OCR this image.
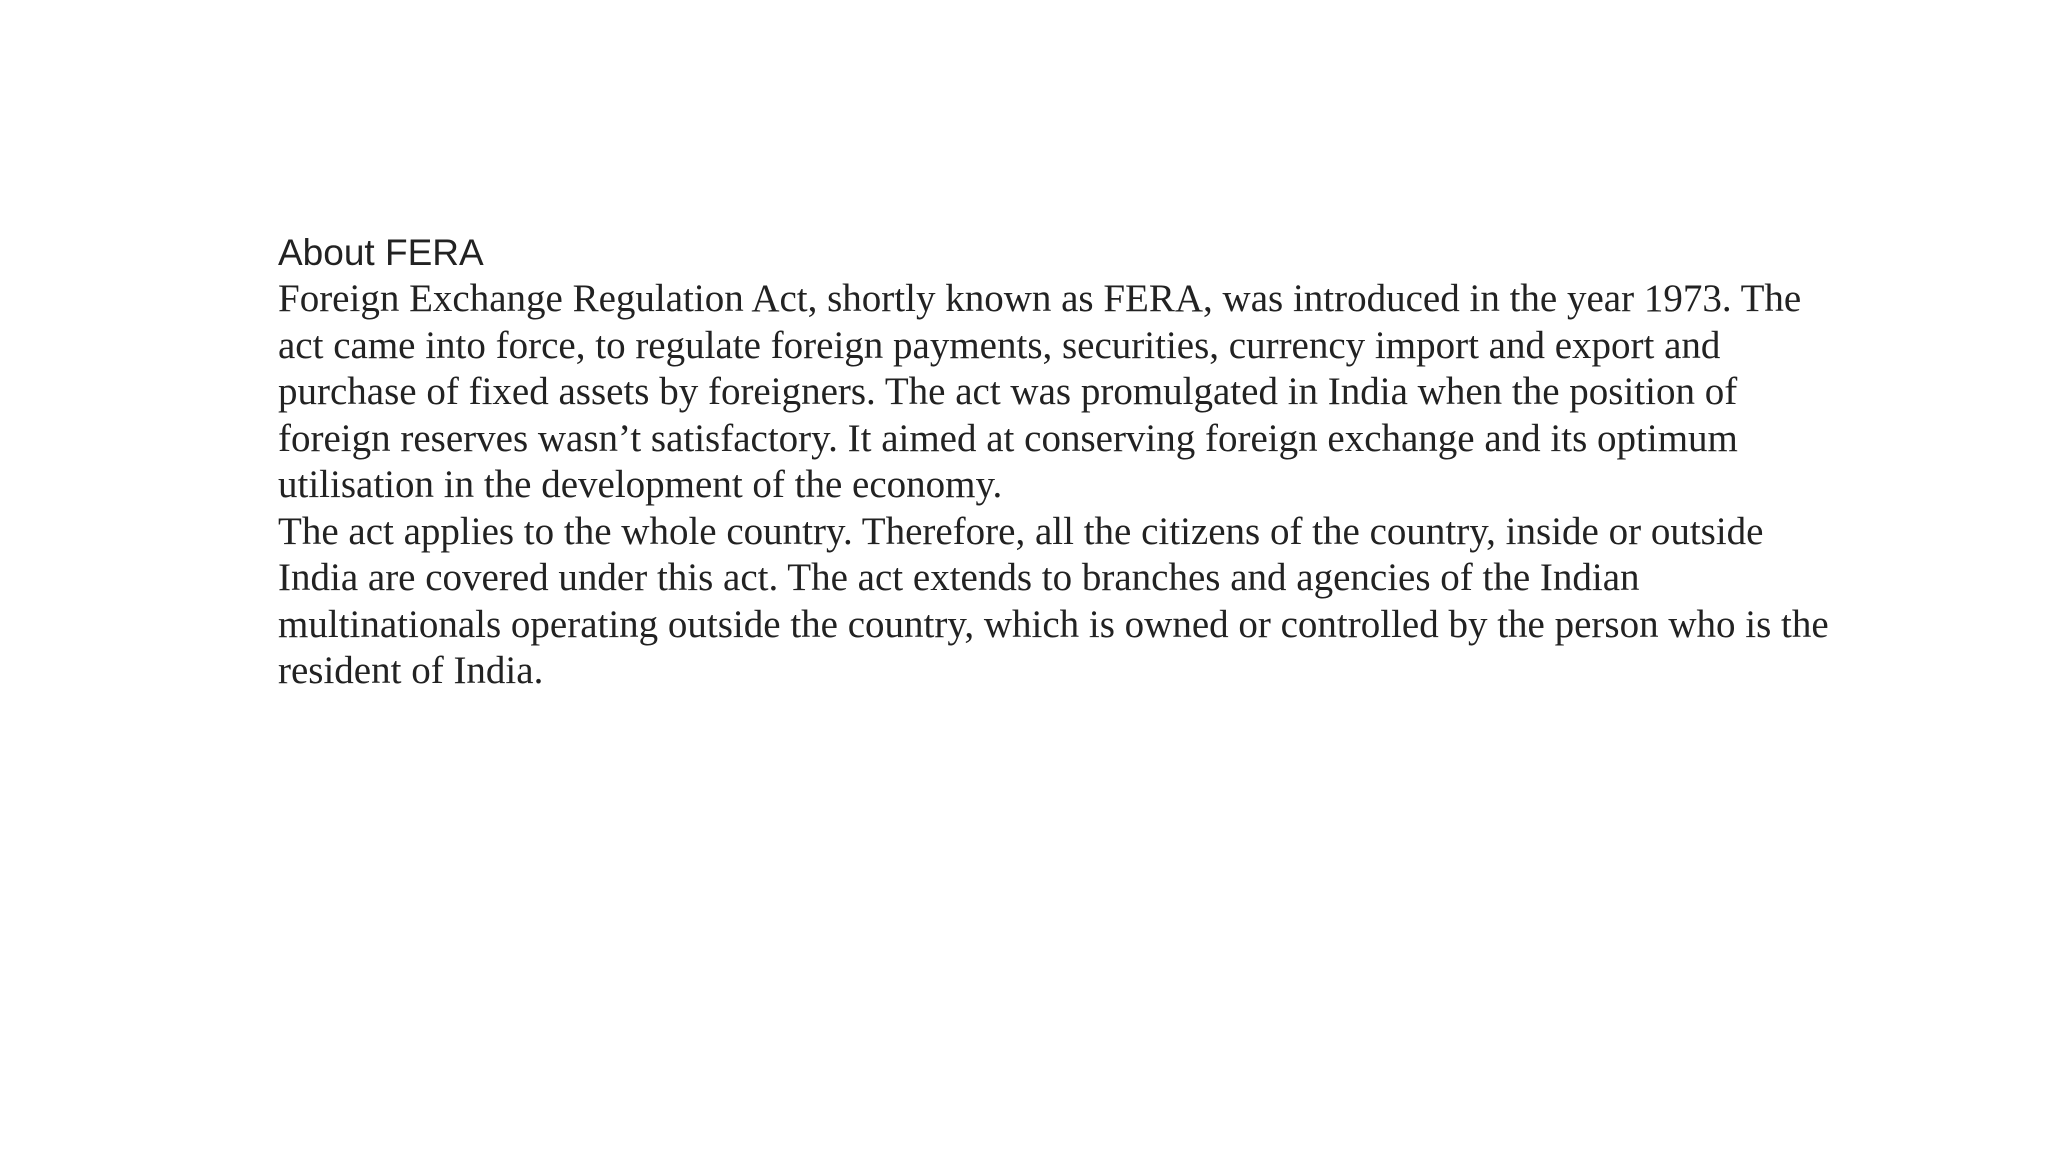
About FERA

Foreign Exchange Regulation Act, shortly known as FERA, was introduced in the year 1973. The act came into force, to regulate foreign payments, securities, currency import and export and purchase of fixed assets by foreigners. The act was promulgated in India when the position of foreign reserves wasn’t satisfactory. It aimed at conserving foreign exchange and its optimum utilisation in the development of the economy.

The act applies to the whole country. Therefore, all the citizens of the country, inside or outside India are covered under this act. The act extends to branches and agencies of the Indian multinationals operating outside the country, which is owned or controlled by the person who is the resident of India.
